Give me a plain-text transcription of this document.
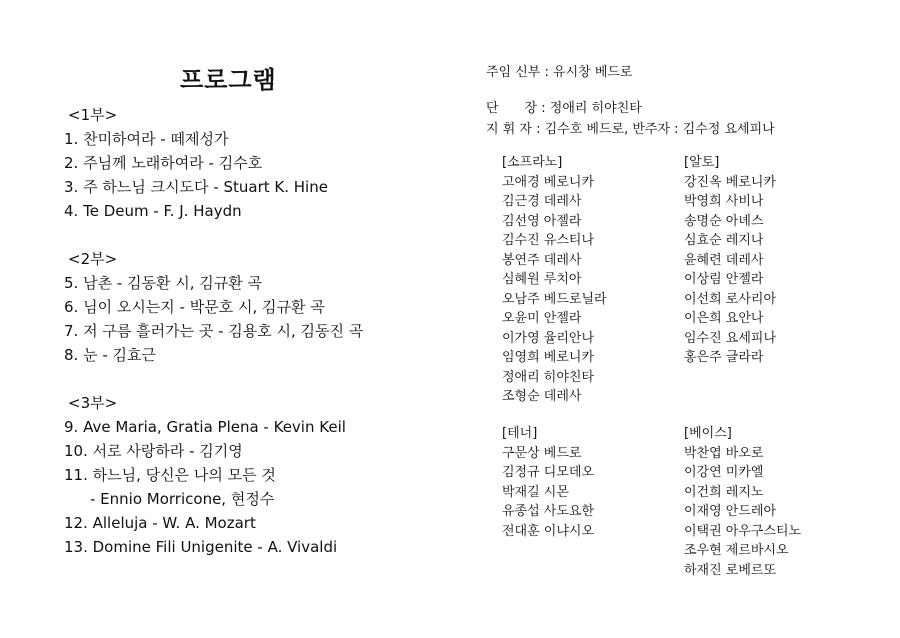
프로그램
<1부>
1. 찬미하여라 - 떼제성가
2. 주님께 노래하여라 - 김수호
3. 주 하느님 크시도다 - Stuart K. Hine
4. Te Deum - F. J. Haydn
<2부>
5. 남촌 - 김동환 시, 김규환 곡
6. 님이 오시는지 - 박문호 시, 김규환 곡
7. 저 구름 흘러가는 곳 - 김용호 시, 김동진 곡
8. 눈 - 김효근
<3부>
9. Ave Maria, Gratia Plena - Kevin Keil
10. 서로 사랑하라 - 김기영
11. 하느님, 당신은 나의 모든 것
- Ennio Morricone, 현정수
12. Alleluja - W. A. Mozart
13. Domine Fili Unigenite - A. Vivaldi
주임 신부 : 유시창 베드로
단　　장 : 정애리 히야친타
지 휘 자 : 김수호 베드로, 반주자 : 김수정 요세피나
[소프라노]
고애경 베로니카
김근경 데레사
김선영 아젤라
김수진 유스티나
봉연주 데레사
심혜원 루치아
오남주 베드로닐라
오윤미 안젤라
이가영 율리안나
임영희 베로니카
정애리 히야친타
조형순 데레사
[알토]
강진옥 베로니카
박영희 사비나
송명순 아녜스
심효순 레지나
윤혜련 데레사
이상림 안젤라
이선희 로사리아
이은희 요안나
임수진 요세피나
홍은주 글라라
[테너]
구문상 베드로
김정규 디모데오
박재길 시몬
유종섭 사도요한
전대훈 이냐시오
[베이스]
박찬엽 바오로
이강연 미카엘
이건희 레지노
이재영 안드레아
이택권 아우구스티노
조우현 제르바시오
하재진 로베르또
